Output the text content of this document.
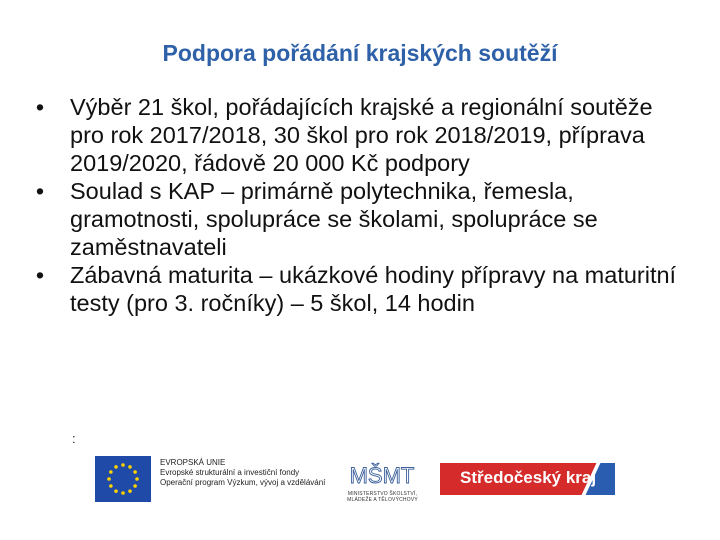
Podpora pořádání krajských soutěží
• Výběr 21 škol, pořádajících krajské a regionální soutěže pro rok 2017/2018, 30 škol pro rok 2018/2019, příprava 2019/2020, řádově 20 000 Kč podpory
• Soulad s KAP – primárně polytechnika, řemesla, gramotnosti, spolupráce se školami, spolupráce se zaměstnavateli
• Zábavná maturita – ukázkové hodiny přípravy na maturitní testy (pro 3. ročníky) – 5 škol, 14 hodin
:
EVROPSKÁ UNIE
Evropské strukturální a investiční fondy
Operační program Výzkum, vývoj a vzdělávání	MŠMT
MINISTERSTVO ŠKOLSTVÍ,
MLÁDEŽE A TĚLOVÝCHOVY
Středočeský kraj
